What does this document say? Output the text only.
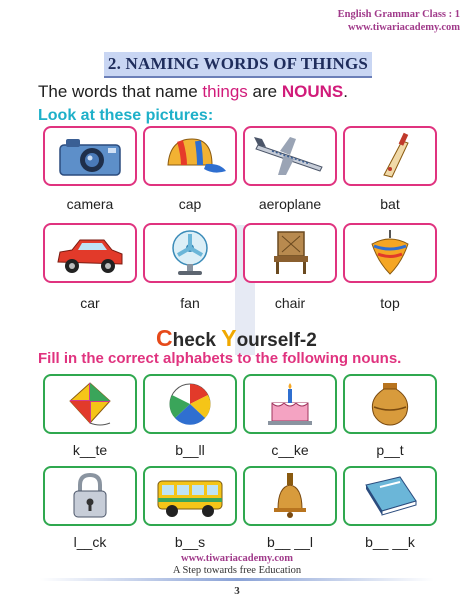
English Grammar Class : 1
www.tiwariacademy.com
2. NAMING WORDS OF THINGS
The words that name things are NOUNS.
Look at these pictures:
camera	cap	aeroplane	bat
car	fan	chair	top
Check Yourself-2
Fill in the correct alphabets to the following nouns.
k__te	b__ll	c__ke	p__t
l__ck	b__s	b__ __l	b__ __k
www.tiwariacademy.com
A Step towards free Education
3
